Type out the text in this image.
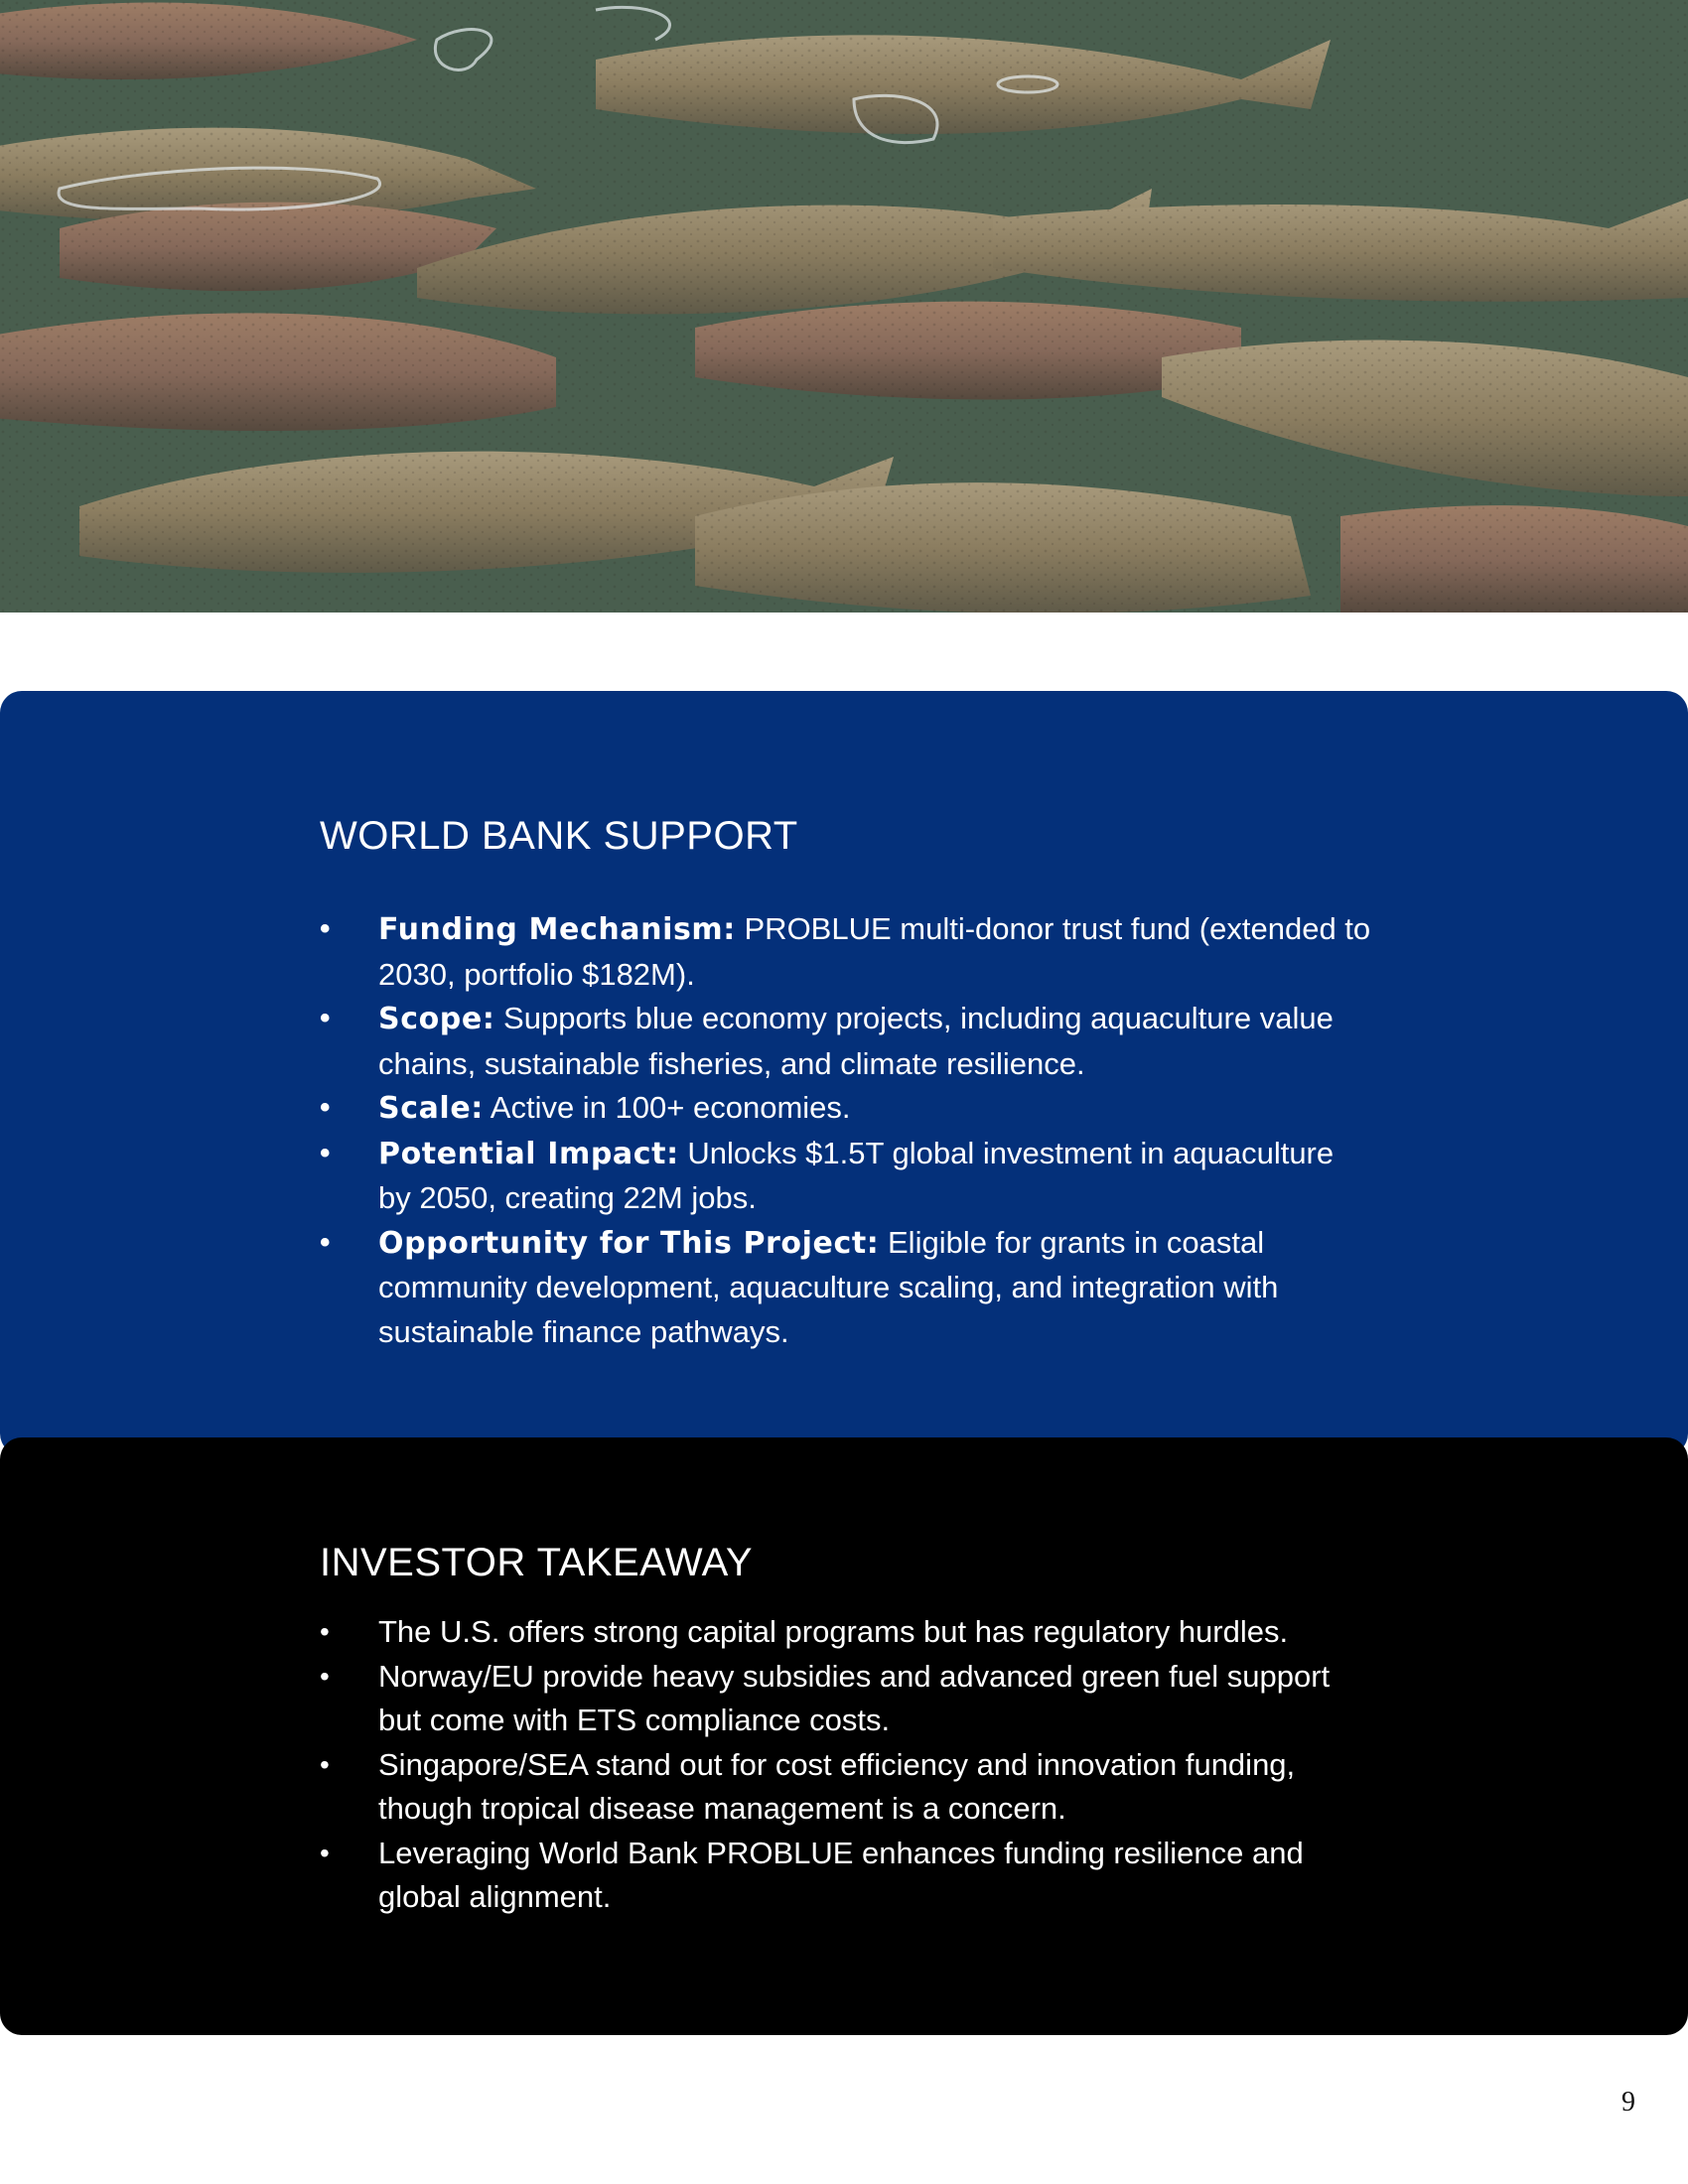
WORLD BANK SUPPORT
•	Funding Mechanism: PROBLUE multi-donor trust fund (extended to 2030, portfolio $182M).
•	Scope: Supports blue economy projects, including aquaculture value chains, sustainable fisheries, and climate resilience.
•	Scale: Active in 100+ economies.
•	Potential Impact: Unlocks $1.5T global investment in aquaculture by 2050, creating 22M jobs.
•	Opportunity for This Project: Eligible for grants in coastal community development, aquaculture scaling, and integration with sustainable finance pathways.
INVESTOR TAKEAWAY
•	The U.S. offers strong capital programs but has regulatory hurdles.
•	Norway/EU provide heavy subsidies and advanced green fuel support but come with ETS compliance costs.
•	Singapore/SEA stand out for cost efficiency and innovation funding, though tropical disease management is a concern.
•	Leveraging World Bank PROBLUE enhances funding resilience and global alignment.
9
